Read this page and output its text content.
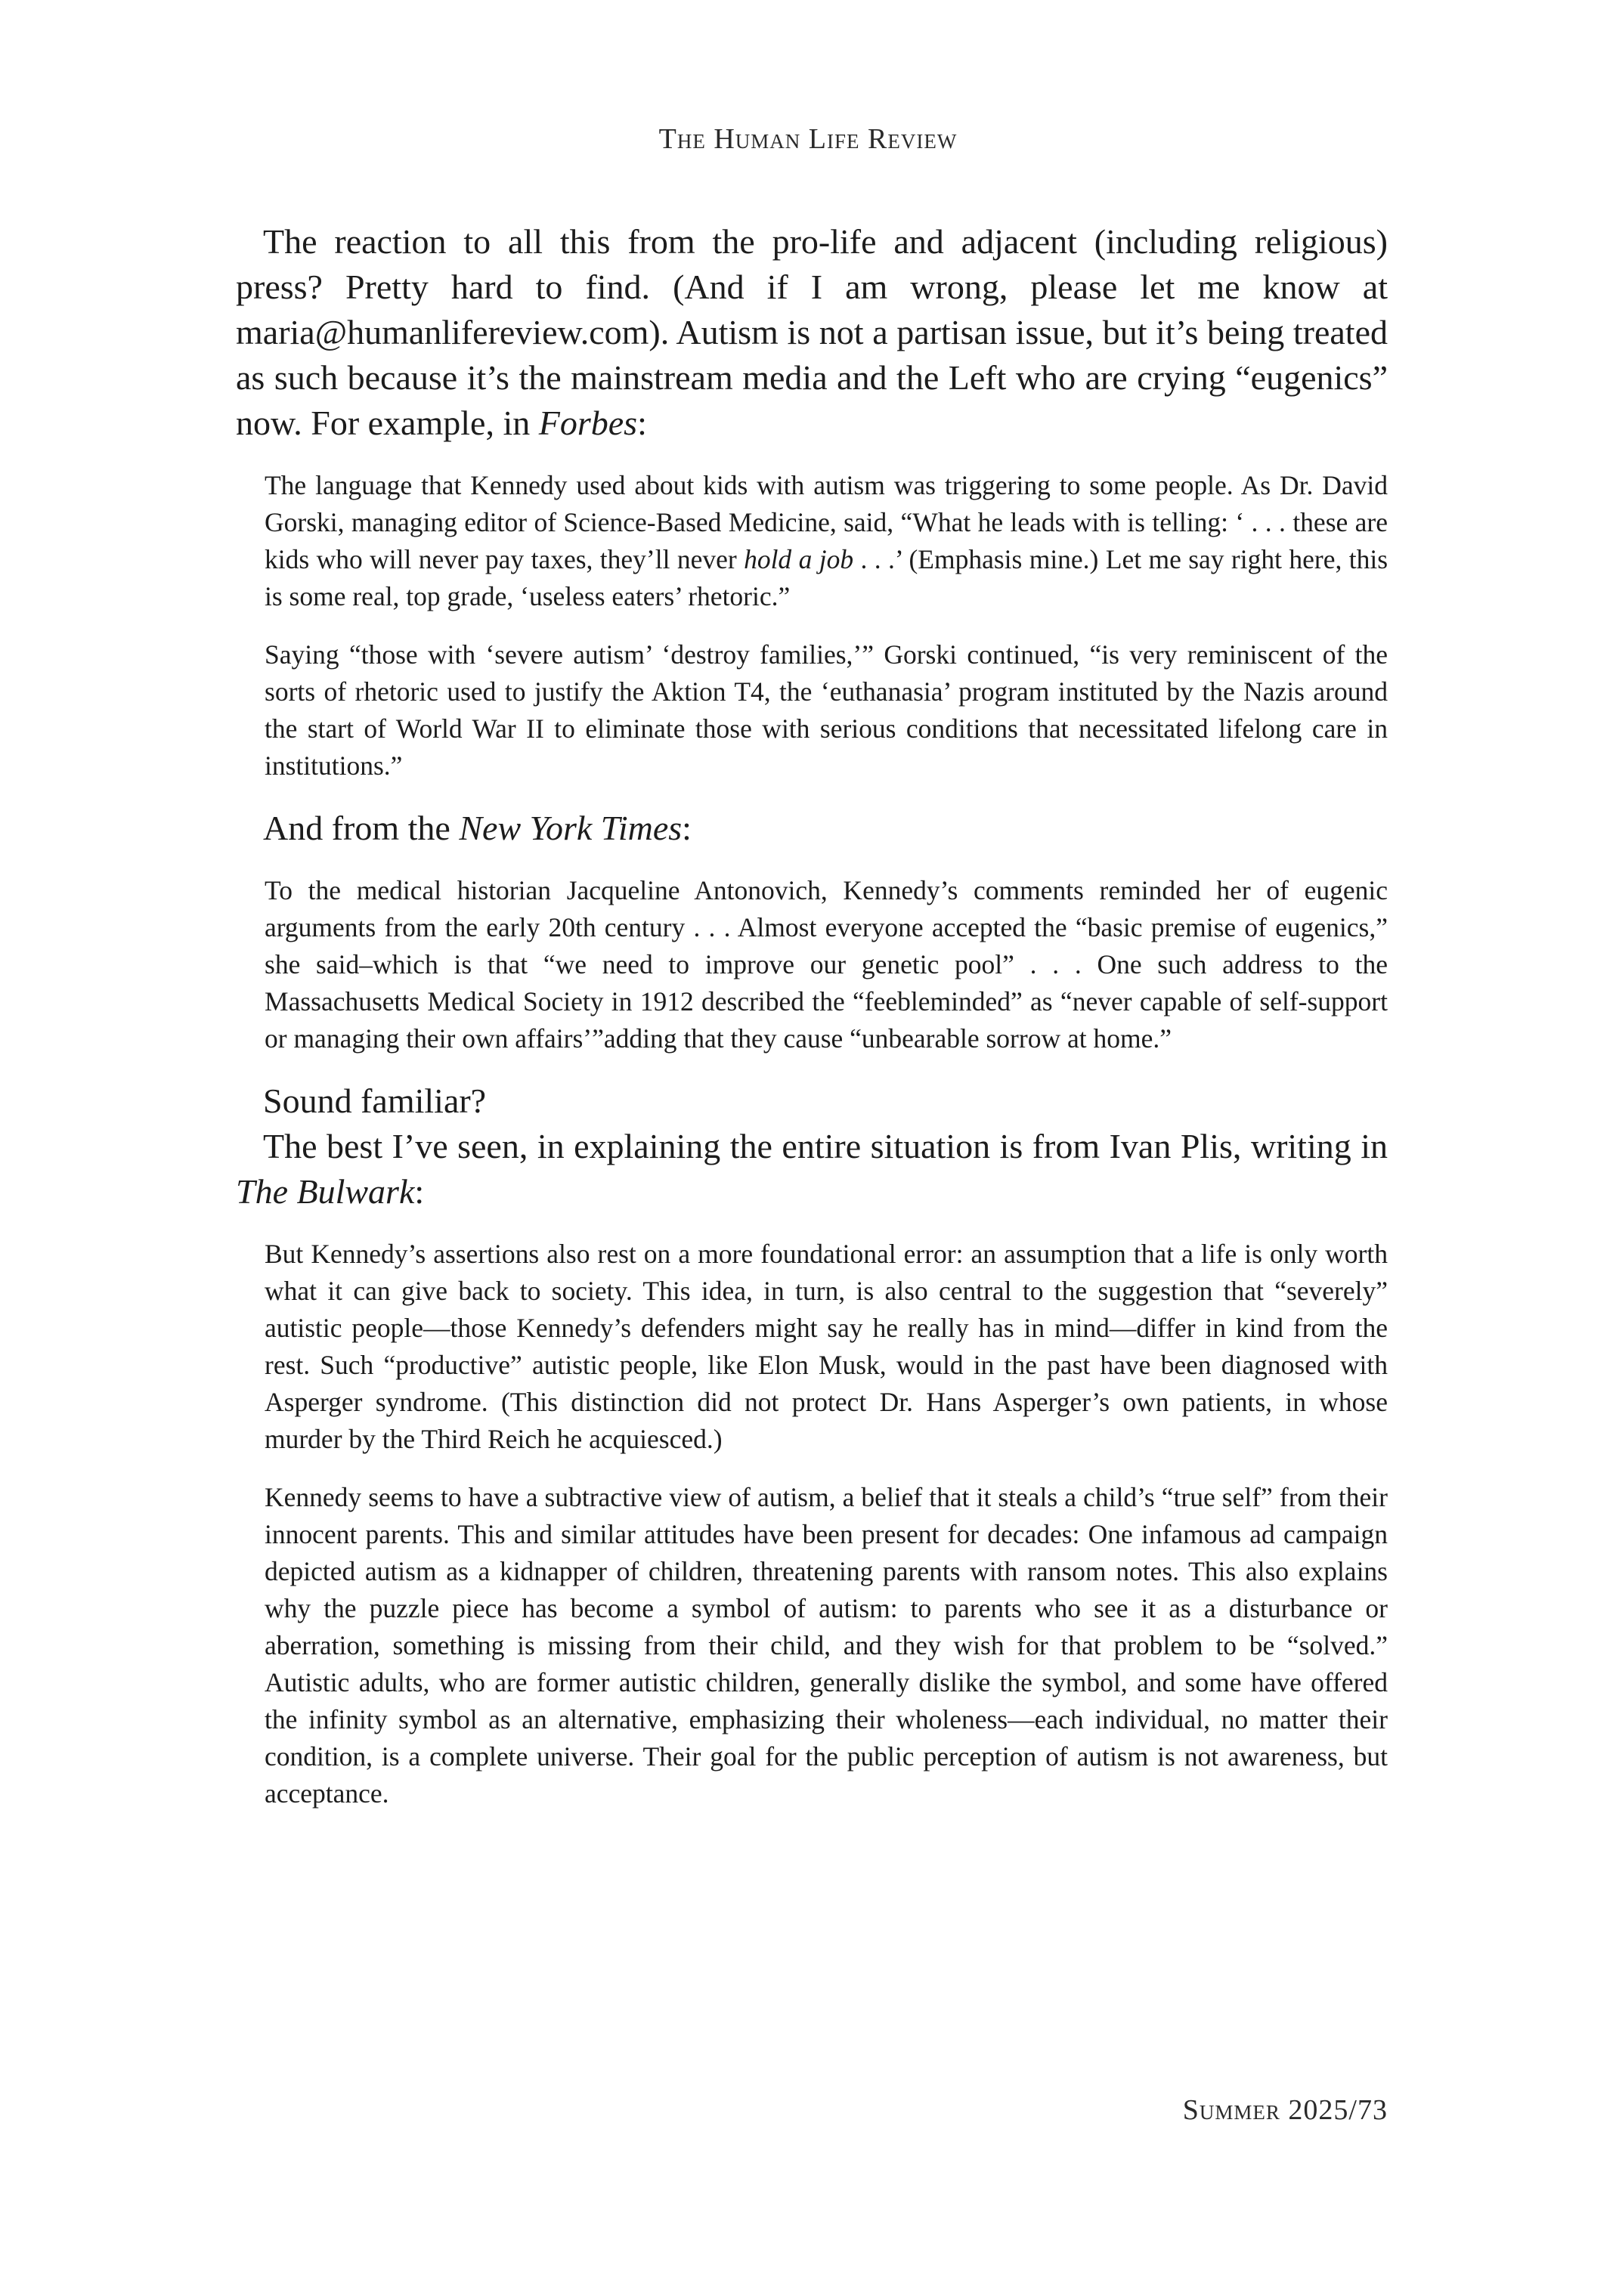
The Human Life Review

The reaction to all this from the pro-life and adjacent (including religious) press? Pretty hard to find. (And if I am wrong, please let me know at maria@humanlifereview.com). Autism is not a partisan issue, but it’s being treated as such because it’s the mainstream media and the Left who are crying “eugenics” now. For example, in Forbes:

The language that Kennedy used about kids with autism was triggering to some people. As Dr. David Gorski, managing editor of Science-Based Medicine, said, “What he leads with is telling: ‘ . . . these are kids who will never pay taxes, they’ll never hold a job . . .’ (Emphasis mine.) Let me say right here, this is some real, top grade, ‘useless eaters’ rhetoric.”

Saying “those with ‘severe autism’ ‘destroy families,’” Gorski continued, “is very reminiscent of the sorts of rhetoric used to justify the Aktion T4, the ‘euthanasia’ program instituted by the Nazis around the start of World War II to eliminate those with serious conditions that necessitated lifelong care in institutions.”

And from the New York Times:

To the medical historian Jacqueline Antonovich, Kennedy’s comments reminded her of eugenic arguments from the early 20th century . . . Almost everyone accepted the “basic premise of eugenics,” she said–which is that “we need to improve our genetic pool” . . . One such address to the Massachusetts Medical Society in 1912 described the “feebleminded” as “never capable of self-support or managing their own affairs’”adding that they cause “unbearable sorrow at home.”

Sound familiar?

The best I’ve seen, in explaining the entire situation is from Ivan Plis, writing in The Bulwark:

But Kennedy’s assertions also rest on a more foundational error: an assumption that a life is only worth what it can give back to society. This idea, in turn, is also central to the suggestion that “severely” autistic people—those Kennedy’s defenders might say he really has in mind—differ in kind from the rest. Such “productive” autistic people, like Elon Musk, would in the past have been diagnosed with Asperger syndrome. (This distinction did not protect Dr. Hans Asperger’s own patients, in whose murder by the Third Reich he acquiesced.)

Kennedy seems to have a subtractive view of autism, a belief that it steals a child’s “true self” from their innocent parents. This and similar attitudes have been present for decades: One infamous ad campaign depicted autism as a kidnapper of children, threatening parents with ransom notes. This also explains why the puzzle piece has become a symbol of autism: to parents who see it as a disturbance or aberration, something is missing from their child, and they wish for that problem to be “solved.” Autistic adults, who are former autistic children, generally dislike the symbol, and some have offered the infinity symbol as an alternative, emphasizing their wholeness—each individual, no matter their condition, is a complete universe. Their goal for the public perception of autism is not awareness, but acceptance.

Summer 2025/73
